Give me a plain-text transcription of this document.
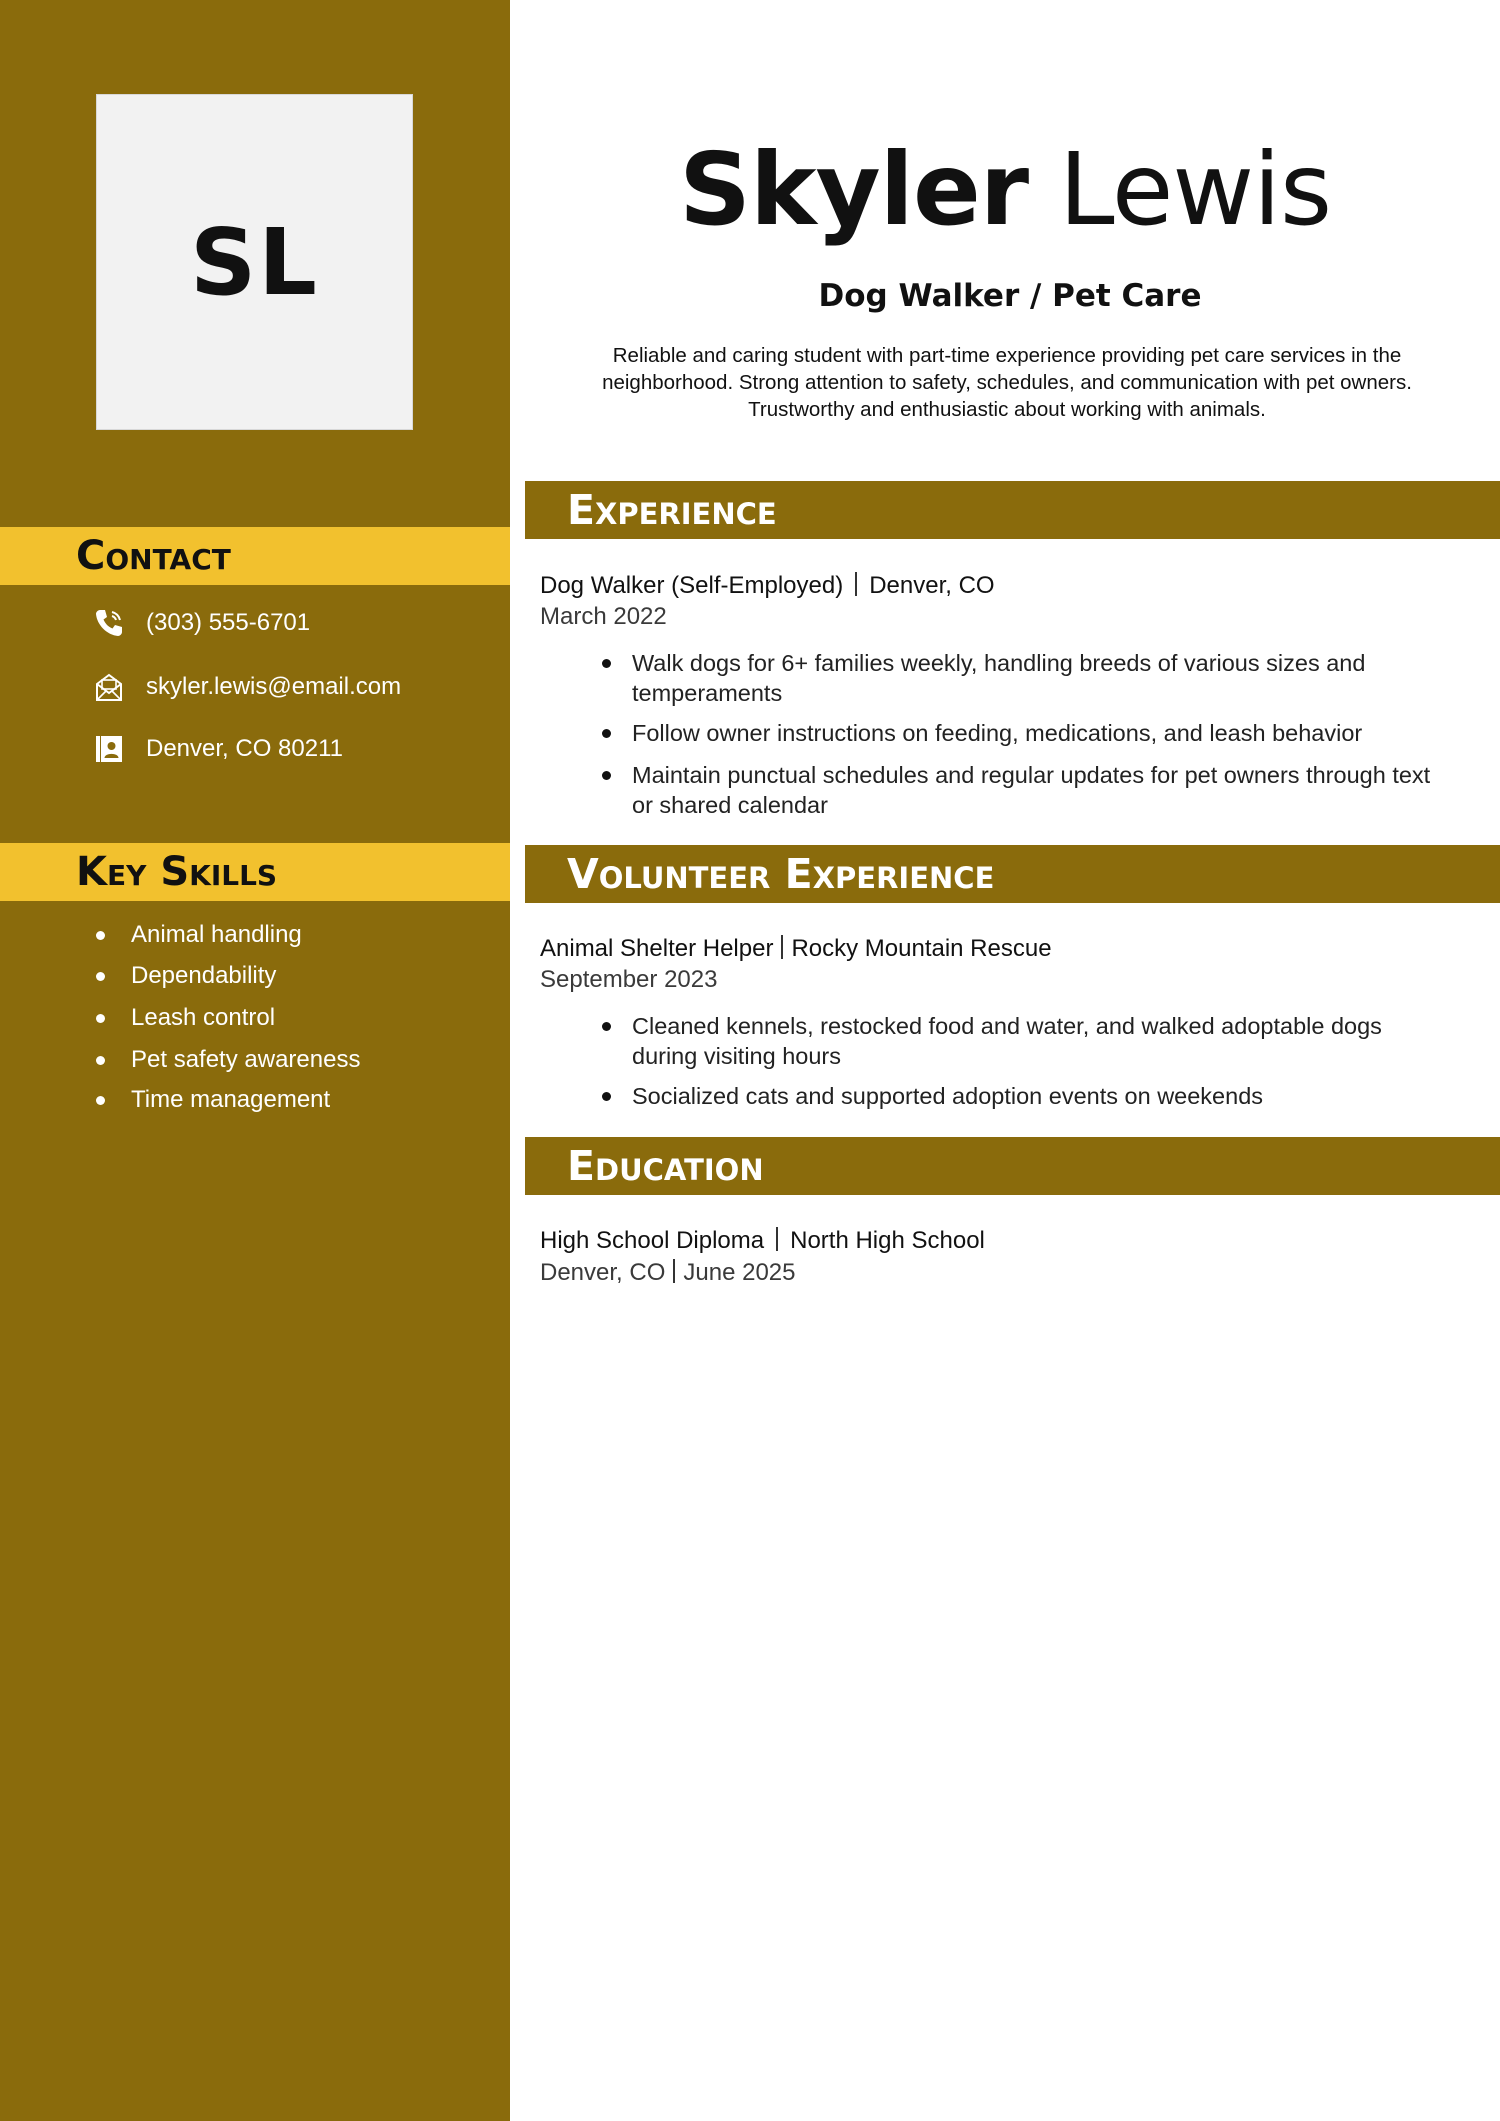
SL
Contact
(303) 555-6701
skyler.lewis@email.com
Denver, CO 80211
Key Skills
Animal handling
Dependability
Leash control
Pet safety awareness
Time management
Skyler Lewis
Dog Walker / Pet Care
Reliable and caring student with part-time experience providing pet care services in the neighborhood. Strong attention to safety, schedules, and communication with pet owners. Trustworthy and enthusiastic about working with animals.
Experience
Dog Walker (Self-Employed) Denver, CO
March 2022
Walk dogs for 6+ families weekly, handling breeds of various sizes and temperaments
Follow owner instructions on feeding, medications, and leash behavior
Maintain punctual schedules and regular updates for pet owners through text or shared calendar
Volunteer Experience
Animal Shelter Helper Rocky Mountain Rescue
September 2023
Cleaned kennels, restocked food and water, and walked adoptable dogs during visiting hours
Socialized cats and supported adoption events on weekends
Education
High School Diploma North High School
Denver, CO June 2025
